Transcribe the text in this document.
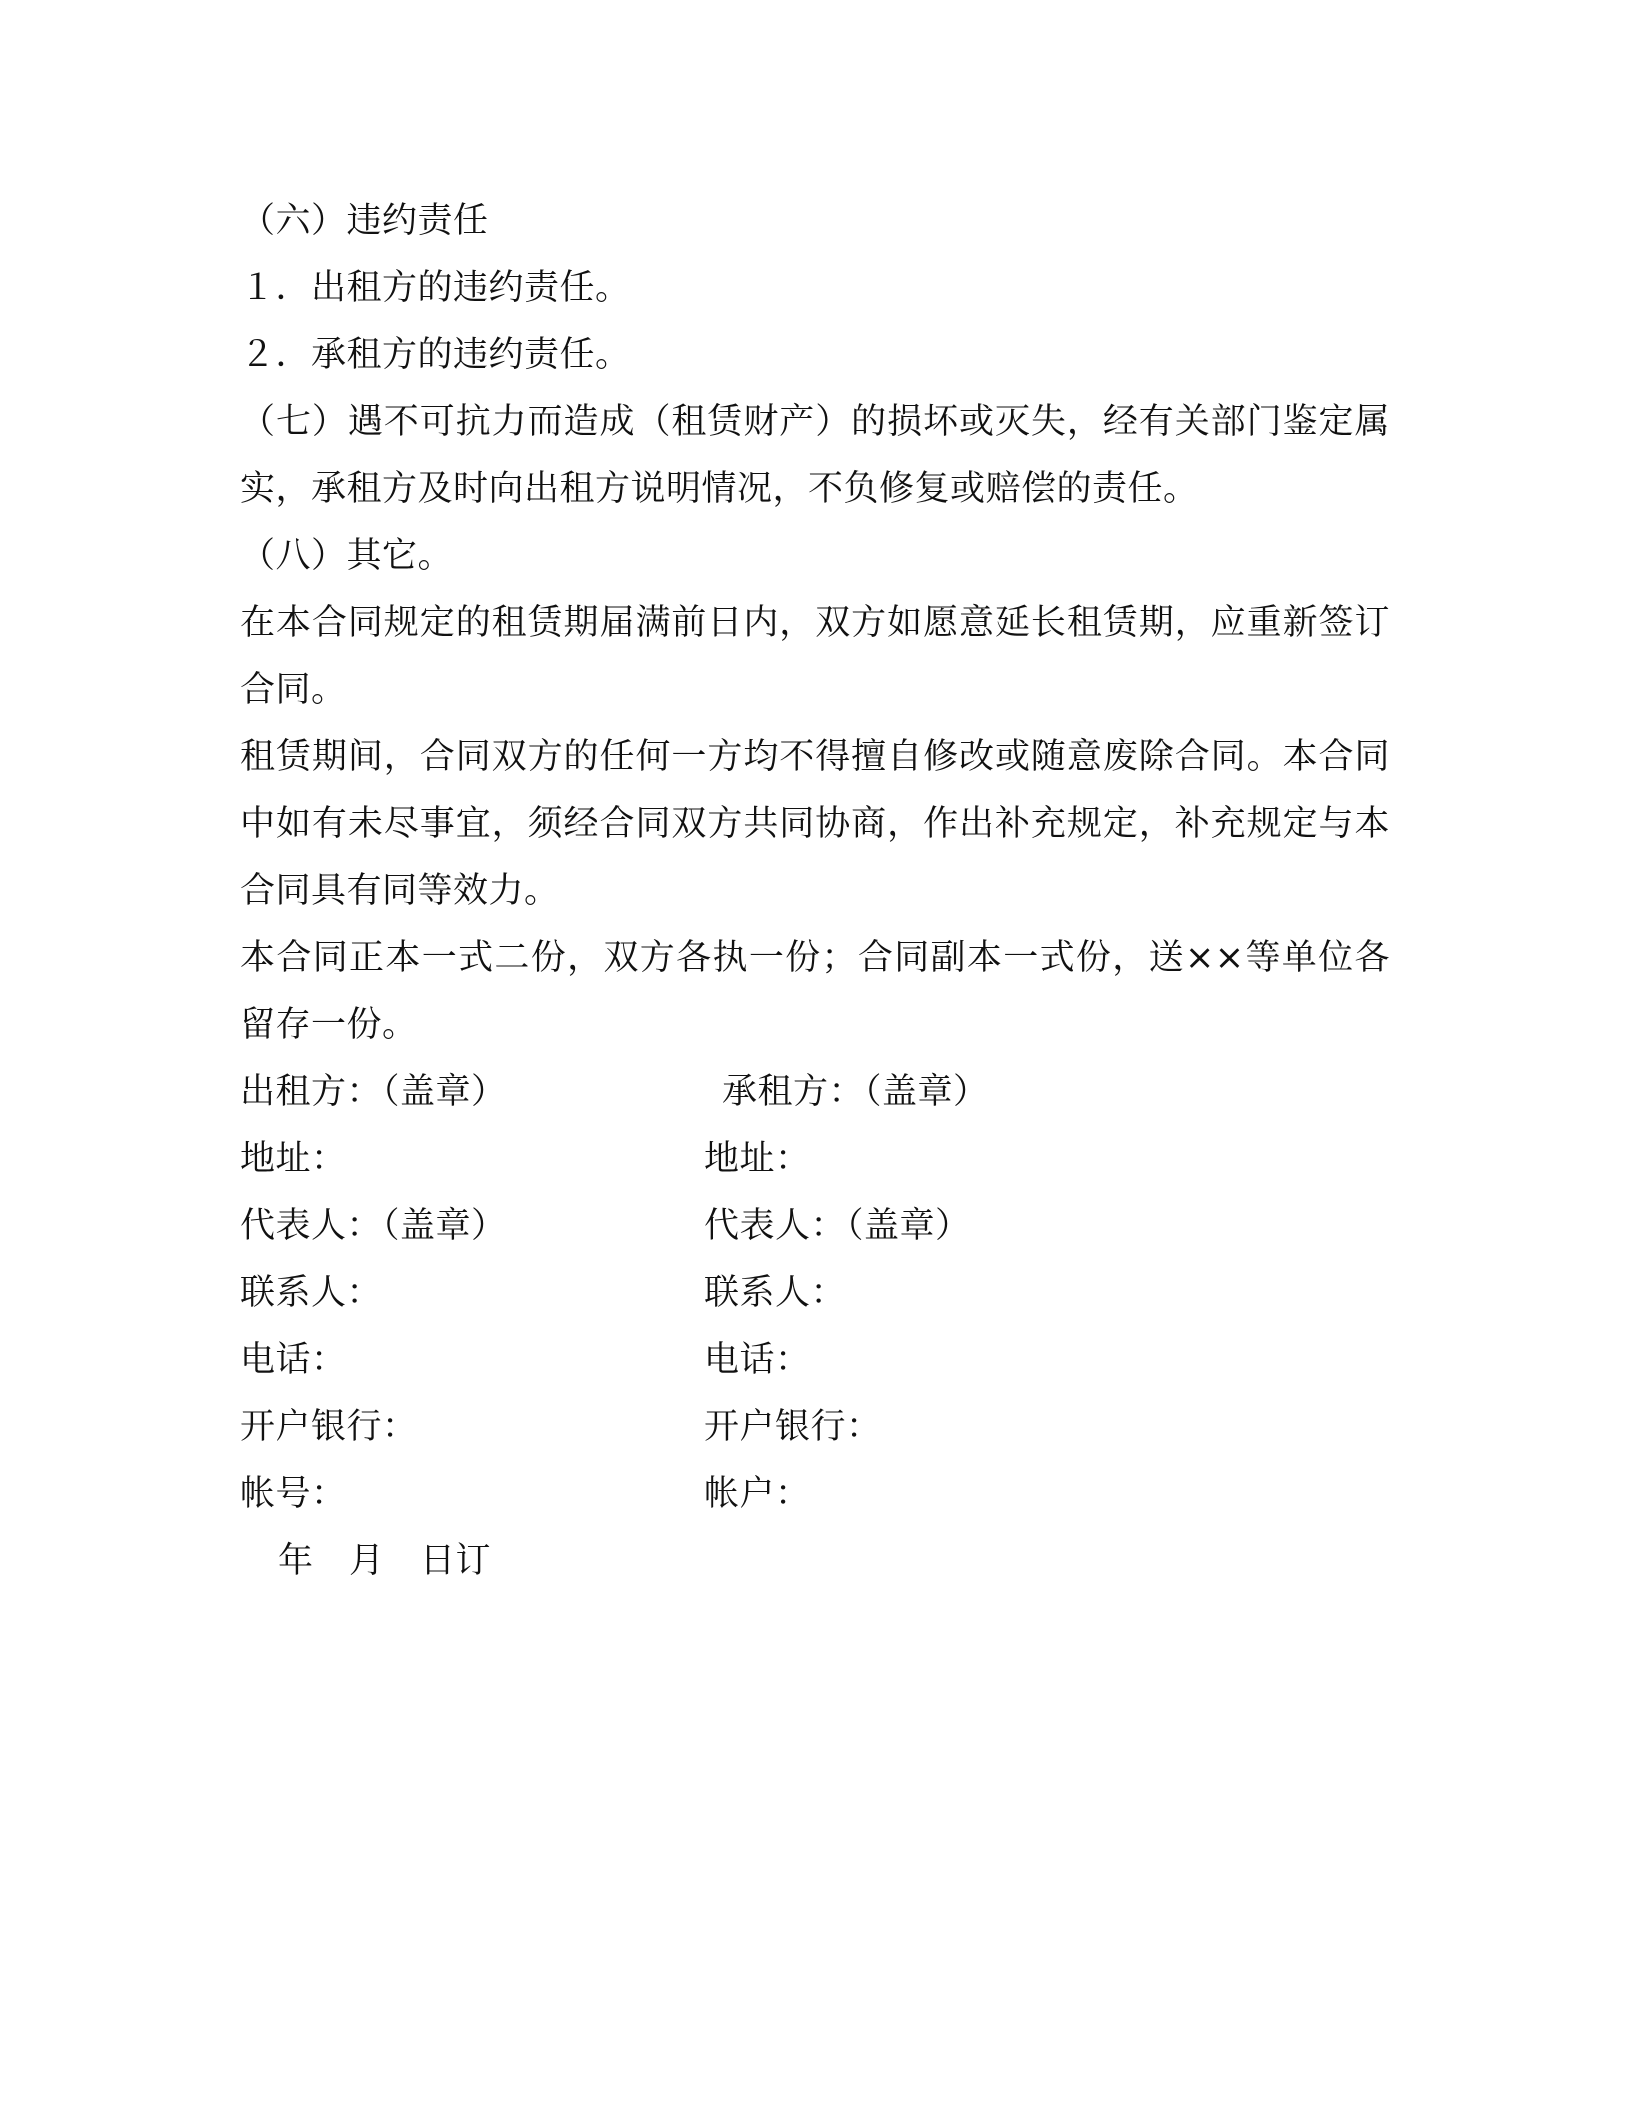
（六）违约责任
１．出租方的违约责任。
２．承租方的违约责任。
（七）遇不可抗力而造成（租赁财产）的损坏或灭失，经有关部门鉴定属实，承租方及时向出租方说明情况，不负修复或赔偿的责任。
（八）其它。
在本合同规定的租赁期届满前日内，双方如愿意延长租赁期，应重新签订合同。
租赁期间，合同双方的任何一方均不得擅自修改或随意废除合同。本合同中如有未尽事宜，须经合同双方共同协商，作出补充规定，补充规定与本合同具有同等效力。
本合同正本一式二份，双方各执一份；合同副本一式份，送××等单位各留存一份。
出租方：（盖章）	承租方：（盖章）
地址：	地址：
代表人：（盖章）	代表人：（盖章）
联系人：	联系人：
电话：	电话：
开户银行：	开户银行：
帐号：	帐户：
年　月　日订
